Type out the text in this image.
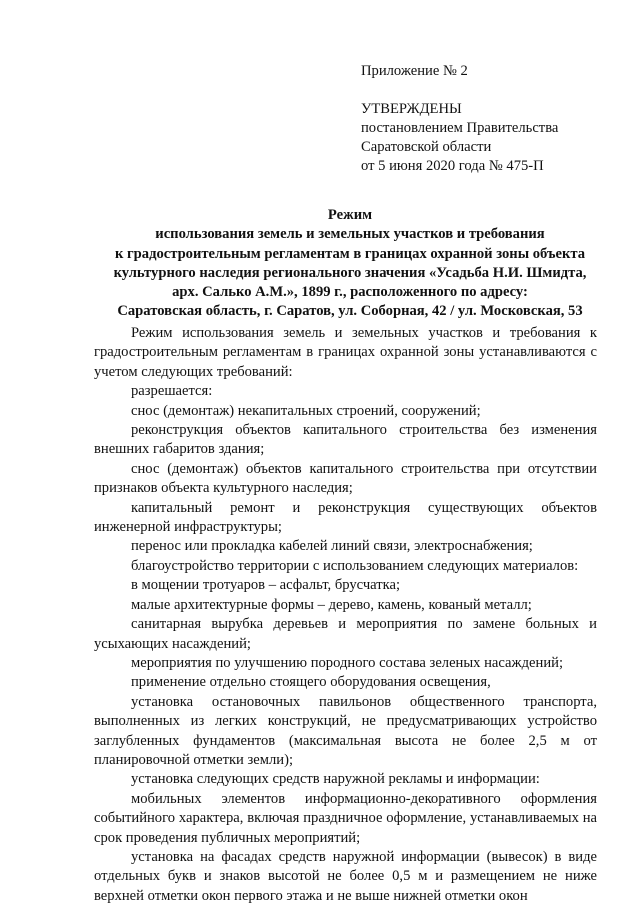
Приложение № 2
УТВЕРЖДЕНЫ
постановлением Правительства
Саратовской области
от 5 июня 2020 года № 475-П
Режим
использования земель и земельных участков и требования
к градостроительным регламентам в границах охранной зоны объекта
культурного наследия регионального значения «Усадьба Н.И. Шмидта,
арх. Салько А.М.», 1899 г., расположенного по адресу:
Саратовская область, г. Саратов, ул. Соборная, 42 / ул. Московская, 53

Режим использования земель и земельных участков и требования к градостроительным регламентам в границах охранной зоны устанавливаются с учетом следующих требований:

разрешается:

снос (демонтаж) некапитальных строений, сооружений;

реконструкция объектов капитального строительства без изменения внешних габаритов здания;

снос (демонтаж) объектов капитального строительства при отсутствии признаков объекта культурного наследия;

капитальный ремонт и реконструкция существующих объектов инженерной инфраструктуры;

перенос или прокладка кабелей линий связи, электроснабжения;

благоустройство территории с использованием следующих материалов:

в мощении тротуаров – асфальт, брусчатка;

малые архитектурные формы – дерево, камень, кованый металл;

санитарная вырубка деревьев и мероприятия по замене больных и усыхающих насаждений;

мероприятия по улучшению породного состава зеленых насаждений;

применение отдельно стоящего оборудования освещения,

установка остановочных павильонов общественного транспорта, выполненных из легких конструкций, не предусматривающих устройство заглубленных фундаментов (максимальная высота не более 2,5 м от планировочной отметки земли);

установка следующих средств наружной рекламы и информации:

мобильных элементов информационно-декоративного оформления событийного характера, включая праздничное оформление, устанавливаемых на срок проведения публичных мероприятий;

установка на фасадах средств наружной информации (вывесок) в виде отдельных букв и знаков высотой не более 0,5 м и размещением не ниже верхней отметки окон первого этажа и не выше нижней отметки окон
